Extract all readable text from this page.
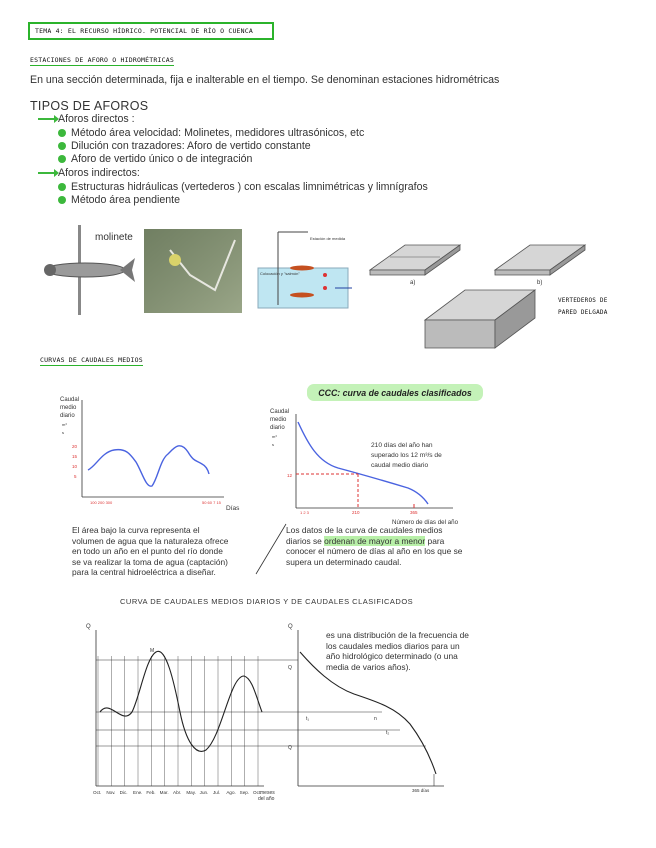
TEMA 4: EL RECURSO HÍDRICO. POTENCIAL DE RÍO O CUENCA
ESTACIONES DE AFORO O HIDROMÉTRICAS
En una sección determinada, fija e inalterable en el tiempo. Se denominan estaciones hidrométricas
TIPOS DE AFOROS
Aforos directos :
Método área velocidad: Molinetes, medidores ultrasónicos, etc
Dilución con trazadores: Aforo de vertido constante
Aforo de vertido único o de integración
Aforos indirectos:
Estructuras hidráulicas (vertederos ) con escalas limnimétricas y limnígrafos
Método área pendiente
molinete
Colocación y "salmón"
Estación de medida
a)	b)
VERTEDEROS DE
PARED DELGADA
CURVAS DE CAUDALES MEDIOS
CCC: curva de caudales clasificados
Caudal
medio
diario
m³
s
20
15
10
5
100 200 300	50 60 7 15
Días
Caudal
medio
diario
m³
s
12
210	365
1 2 3
210 días del año han
superado los 12 m³/s de
caudal medio diario
Número de días del año
El área bajo la curva representa el
volumen de agua que la naturaleza ofrece
en todo un año en el punto del río donde
se va realizar la toma de agua (captación)
para la central hidroeléctrica a diseñar.
Los datos de la curva de caudales medios
diarios se ordenan de mayor a menor para
conocer el número de días al año en los que se
supera un determinado caudal.
CURVA DE CAUDALES MEDIOS DIARIOS Y DE CAUDALES CLASIFICADOS
Q	Q
M
t₁	n
t₂
Q
Q
365 días
meses
del año
Oct. Nov. Dic. Ene. Feb. Mar. Abr. May. Jun. Jul. Ago. Sep. Oct.
es una distribución de la frecuencia de
los caudales medios diarios para un
año hidrológico determinado (o una
media de varios años).
